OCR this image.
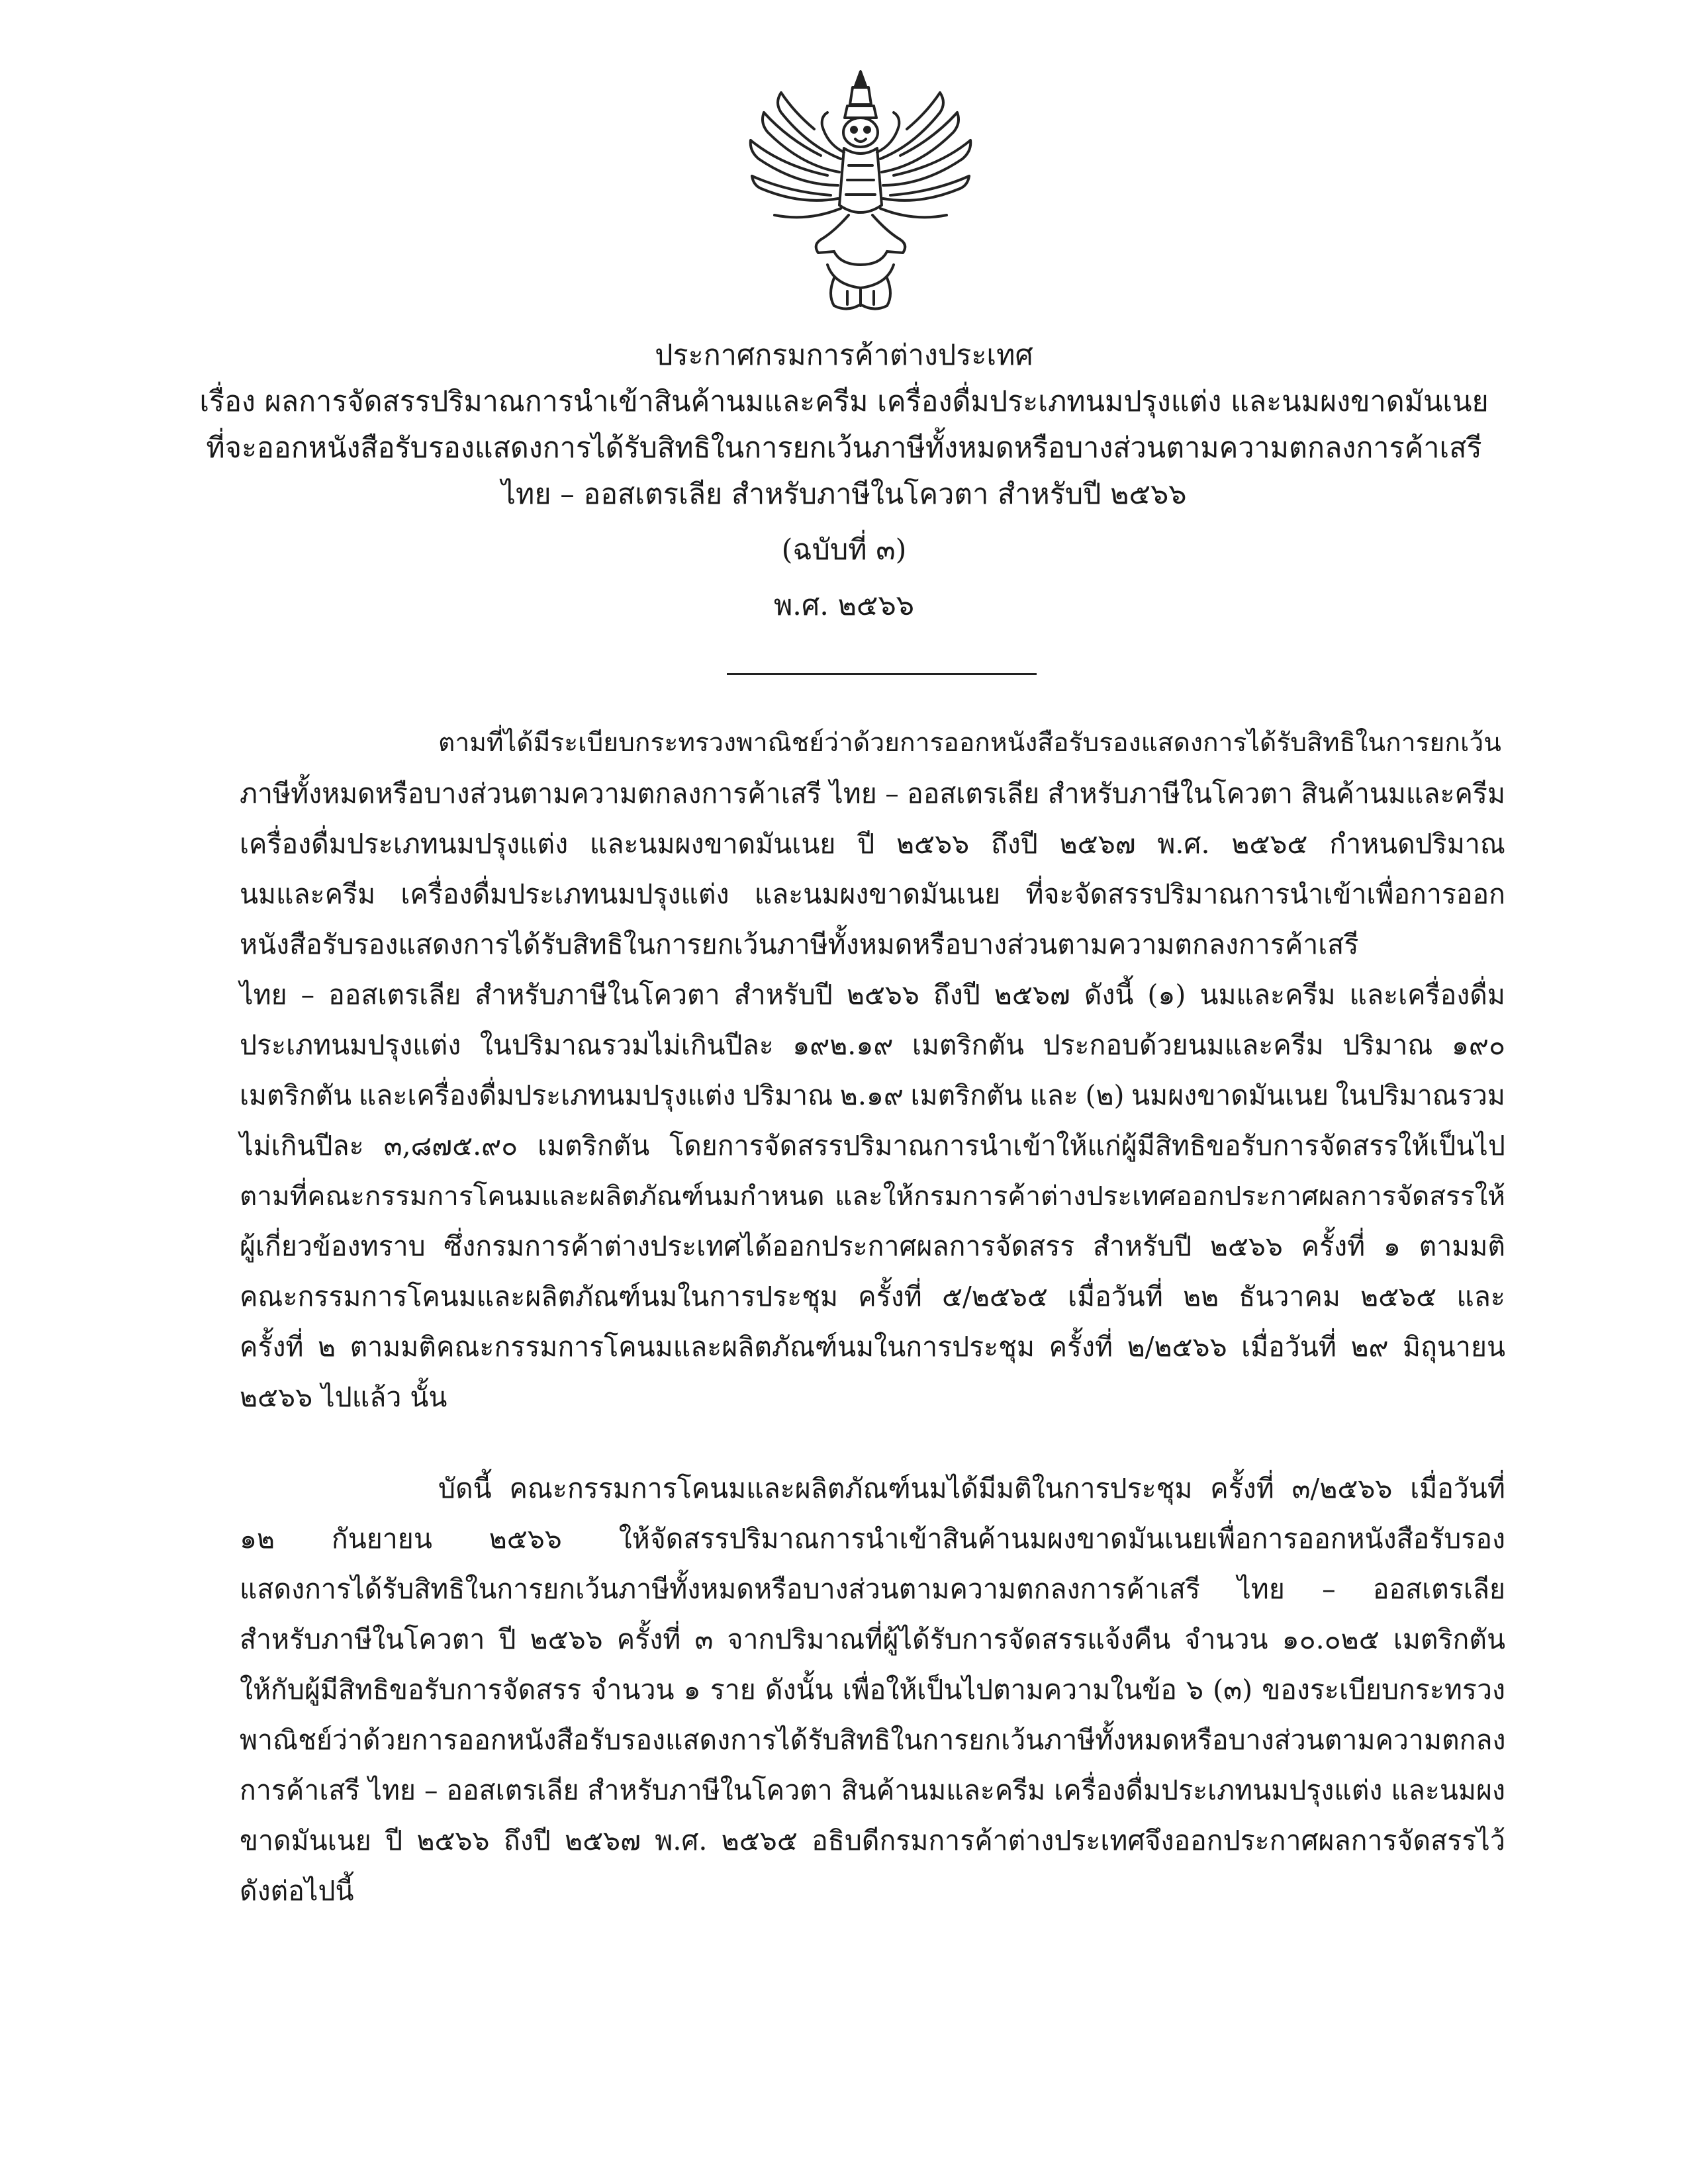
ประกาศกรมการค้าต่างประเทศ
เรื่อง ผลการจัดสรรปริมาณการนำเข้าสินค้านมและครีม เครื่องดื่มประเภทนมปรุงแต่ง และนมผงขาดมันเนย
ที่จะออกหนังสือรับรองแสดงการได้รับสิทธิในการยกเว้นภาษีทั้งหมดหรือบางส่วนตามความตกลงการค้าเสรี
ไทย – ออสเตรเลีย สำหรับภาษีในโควตา สำหรับปี ๒๕๖๖
(ฉบับที่ ๓)
พ.ศ. ๒๕๖๖
ตามที่ได้มีระเบียบกระทรวงพาณิชย์ว่าด้วยการออกหนังสือรับรองแสดงการได้รับสิทธิในการยกเว้น
ภาษีทั้งหมดหรือบางส่วนตามความตกลงการค้าเสรี ไทย – ออสเตรเลีย สำหรับภาษีในโควตา สินค้านมและครีม
เครื่องดื่มประเภทนมปรุงแต่ง และนมผงขาดมันเนย ปี ๒๕๖๖ ถึงปี ๒๕๖๗ พ.ศ. ๒๕๖๕ กำหนดปริมาณ
นมและครีม เครื่องดื่มประเภทนมปรุงแต่ง และนมผงขาดมันเนย ที่จะจัดสรรปริมาณการนำเข้าเพื่อการออก
หนังสือรับรองแสดงการได้รับสิทธิในการยกเว้นภาษีทั้งหมดหรือบางส่วนตามความตกลงการค้าเสรี
ไทย – ออสเตรเลีย สำหรับภาษีในโควตา สำหรับปี ๒๕๖๖ ถึงปี ๒๕๖๗ ดังนี้ (๑) นมและครีม และเครื่องดื่ม
ประเภทนมปรุงแต่ง ในปริมาณรวมไม่เกินปีละ ๑๙๒.๑๙ เมตริกตัน ประกอบด้วยนมและครีม ปริมาณ ๑๙๐
เมตริกตัน และเครื่องดื่มประเภทนมปรุงแต่ง ปริมาณ ๒.๑๙ เมตริกตัน และ (๒) นมผงขาดมันเนย ในปริมาณรวม
ไม่เกินปีละ ๓,๘๗๕.๙๐ เมตริกตัน โดยการจัดสรรปริมาณการนำเข้าให้แก่ผู้มีสิทธิขอรับการจัดสรรให้เป็นไป
ตามที่คณะกรรมการโคนมและผลิตภัณฑ์นมกำหนด และให้กรมการค้าต่างประเทศออกประกาศผลการจัดสรรให้
ผู้เกี่ยวข้องทราบ ซึ่งกรมการค้าต่างประเทศได้ออกประกาศผลการจัดสรร สำหรับปี ๒๕๖๖ ครั้งที่ ๑ ตามมติ
คณะกรรมการโคนมและผลิตภัณฑ์นมในการประชุม ครั้งที่ ๕/๒๕๖๕ เมื่อวันที่ ๒๒ ธันวาคม ๒๕๖๕ และ
ครั้งที่ ๒ ตามมติคณะกรรมการโคนมและผลิตภัณฑ์นมในการประชุม ครั้งที่ ๒/๒๕๖๖ เมื่อวันที่ ๒๙ มิถุนายน
๒๕๖๖ ไปแล้ว นั้น
บัดนี้ คณะกรรมการโคนมและผลิตภัณฑ์นมได้มีมติในการประชุม ครั้งที่ ๓/๒๕๖๖ เมื่อวันที่
๑๒ กันยายน ๒๕๖๖ ให้จัดสรรปริมาณการนำเข้าสินค้านมผงขาดมันเนยเพื่อการออกหนังสือรับรอง
แสดงการได้รับสิทธิในการยกเว้นภาษีทั้งหมดหรือบางส่วนตามความตกลงการค้าเสรี ไทย – ออสเตรเลีย
สำหรับภาษีในโควตา ปี ๒๕๖๖ ครั้งที่ ๓ จากปริมาณที่ผู้ได้รับการจัดสรรแจ้งคืน จำนวน ๑๐.๐๒๕ เมตริกตัน
ให้กับผู้มีสิทธิขอรับการจัดสรร จำนวน ๑ ราย ดังนั้น เพื่อให้เป็นไปตามความในข้อ ๖ (๓) ของระเบียบกระทรวง
พาณิชย์ว่าด้วยการออกหนังสือรับรองแสดงการได้รับสิทธิในการยกเว้นภาษีทั้งหมดหรือบางส่วนตามความตกลง
การค้าเสรี ไทย – ออสเตรเลีย สำหรับภาษีในโควตา สินค้านมและครีม เครื่องดื่มประเภทนมปรุงแต่ง และนมผง
ขาดมันเนย ปี ๒๕๖๖ ถึงปี ๒๕๖๗ พ.ศ. ๒๕๖๕ อธิบดีกรมการค้าต่างประเทศจึงออกประกาศผลการจัดสรรไว้
ดังต่อไปนี้
